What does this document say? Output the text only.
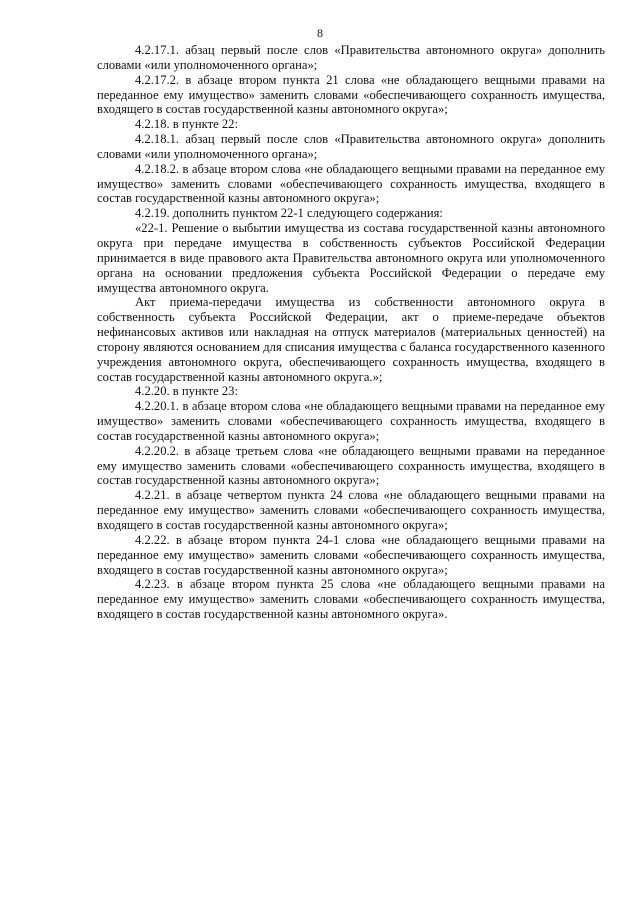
8

4.2.17.1. абзац первый после слов «Правительства автономного округа» дополнить словами «или уполномоченного органа»;

4.2.17.2. в абзаце втором пункта 21 слова «не обладающего вещными правами на переданное ему имущество» заменить словами «обеспечивающего сохранность имущества, входящего в состав государственной казны автономного округа»;

4.2.18. в пункте 22:

4.2.18.1. абзац первый после слов «Правительства автономного округа» дополнить словами «или уполномоченного органа»;

4.2.18.2. в абзаце втором слова «не обладающего вещными правами на переданное ему имущество» заменить словами «обеспечивающего сохранность имущества, входящего в состав государственной казны автономного округа»;

4.2.19. дополнить пунктом 22-1 следующего содержания:

«22-1. Решение о выбытии имущества из состава государственной казны автономного округа при передаче имущества в собственность субъектов Российской Федерации принимается в виде правового акта Правительства автономного округа или уполномоченного органа на основании предложения субъекта Российской Федерации о передаче ему имущества автономного округа.

Акт приема-передачи имущества из собственности автономного округа в собственность субъекта Российской Федерации, акт о приеме-передаче объектов нефинансовых активов или накладная на отпуск материалов (материальных ценностей) на сторону являются основанием для списания имущества с баланса государственного казенного учреждения автономного округа, обеспечивающего сохранность имущества, входящего в состав государственной казны автономного округа.»;

4.2.20. в пункте 23:

4.2.20.1. в абзаце втором слова «не обладающего вещными правами на переданное ему имущество» заменить словами «обеспечивающего сохранность имущества, входящего в состав государственной казны автономного округа»;

4.2.20.2. в абзаце третьем слова «не обладающего вещными правами на переданное ему имущество заменить словами «обеспечивающего сохранность имущества, входящего в состав государственной казны автономного округа»;

4.2.21. в абзаце четвертом пункта 24 слова «не обладающего вещными правами на переданное ему имущество» заменить словами «обеспечивающего сохранность имущества, входящего в состав государственной казны автономного округа»;

4.2.22. в абзаце втором пункта 24-1 слова «не обладающего вещными правами на переданное ему имущество» заменить словами «обеспечивающего сохранность имущества, входящего в состав государственной казны автономного округа»;

4.2.23. в абзаце втором пункта 25 слова «не обладающего вещными правами на переданное ему имущество» заменить словами «обеспечивающего сохранность имущества, входящего в состав государственной казны автономного округа».
